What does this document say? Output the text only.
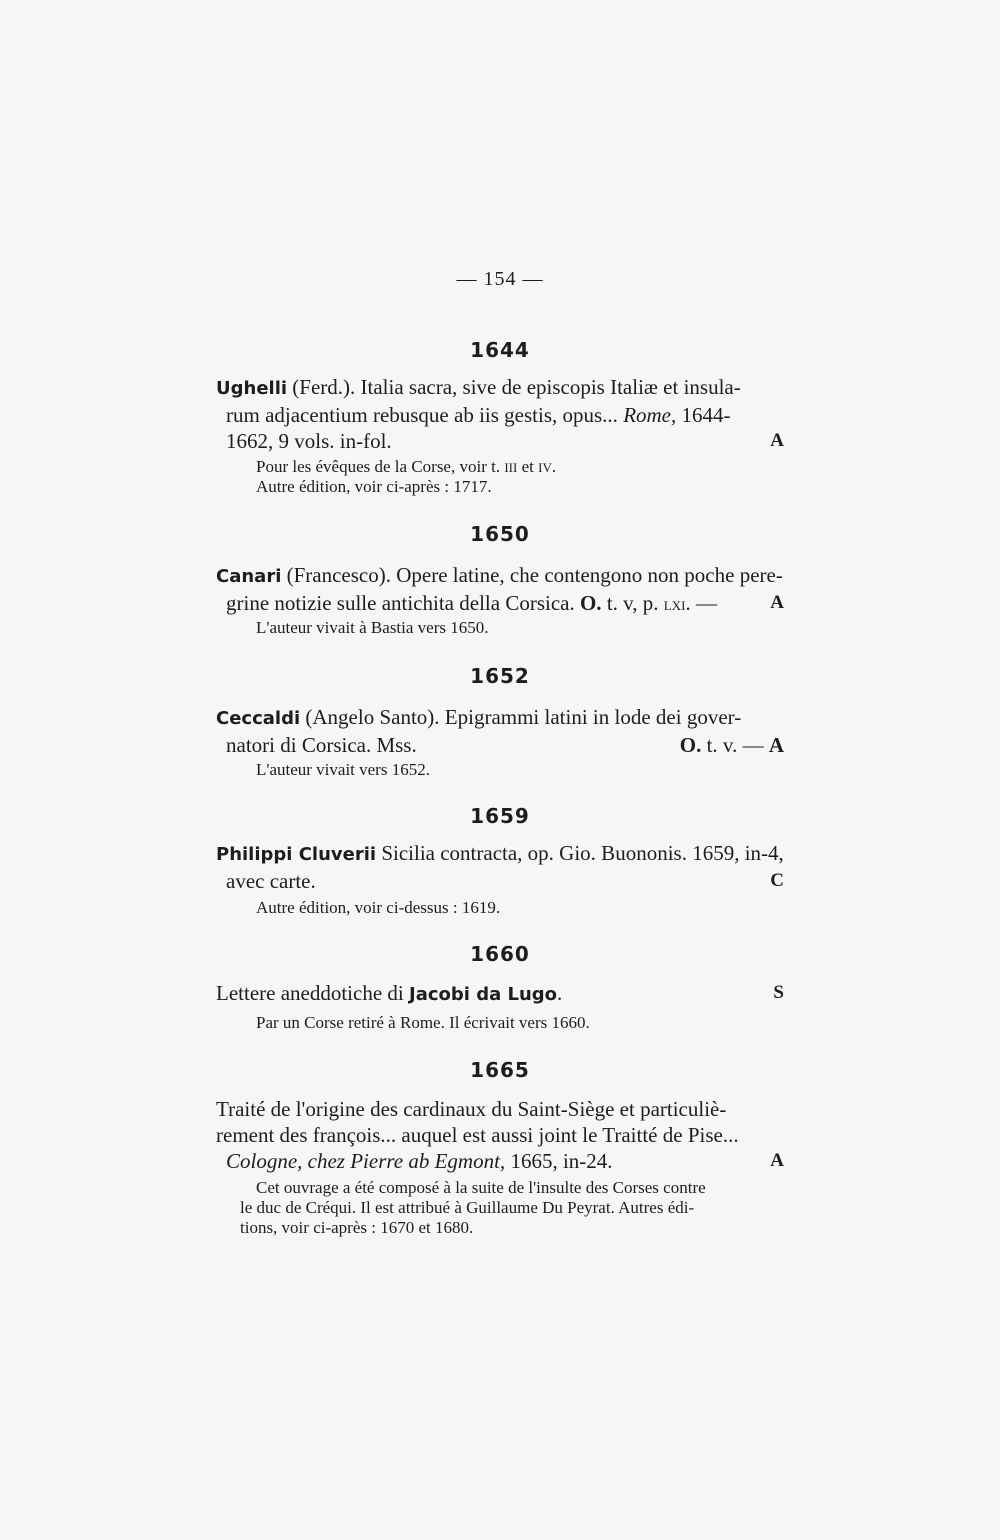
— 154 —
1644
Ughelli (Ferd.). Italia sacra, sive de episcopis Italiæ et insula-
rum adjacentium rebusque ab iis gestis, opus... Rome, 1644-
1662, 9 vols. in-fol.	A
Pour les évêques de la Corse, voir t. iii et iv.
Autre édition, voir ci-après : 1717.
1650
Canari (Francesco). Opere latine, che contengono non poche pere-
grine notizie sulle antichita della Corsica. O. t. v, p. lxi. —	A
L'auteur vivait à Bastia vers 1650.
1652
Ceccaldi (Angelo Santo). Epigrammi latini in lode dei gover-
natori di Corsica. Mss.	O. t. v. — A
L'auteur vivait vers 1652.
1659
Philippi Cluverii Sicilia contracta, op. Gio. Buononis. 1659, in-4,
avec carte.	C
Autre édition, voir ci-dessus : 1619.
1660
Lettere aneddotiche di Jacobi da Lugo.	S
Par un Corse retiré à Rome. Il écrivait vers 1660.
1665
Traité de l'origine des cardinaux du Saint-Siège et particuliè-
rement des françois... auquel est aussi joint le Traitté de Pise...
Cologne, chez Pierre ab Egmont, 1665, in-24.	A
Cet ouvrage a été composé à la suite de l'insulte des Corses contre
le duc de Créqui. Il est attribué à Guillaume Du Peyrat. Autres édi-
tions, voir ci-après : 1670 et 1680.
